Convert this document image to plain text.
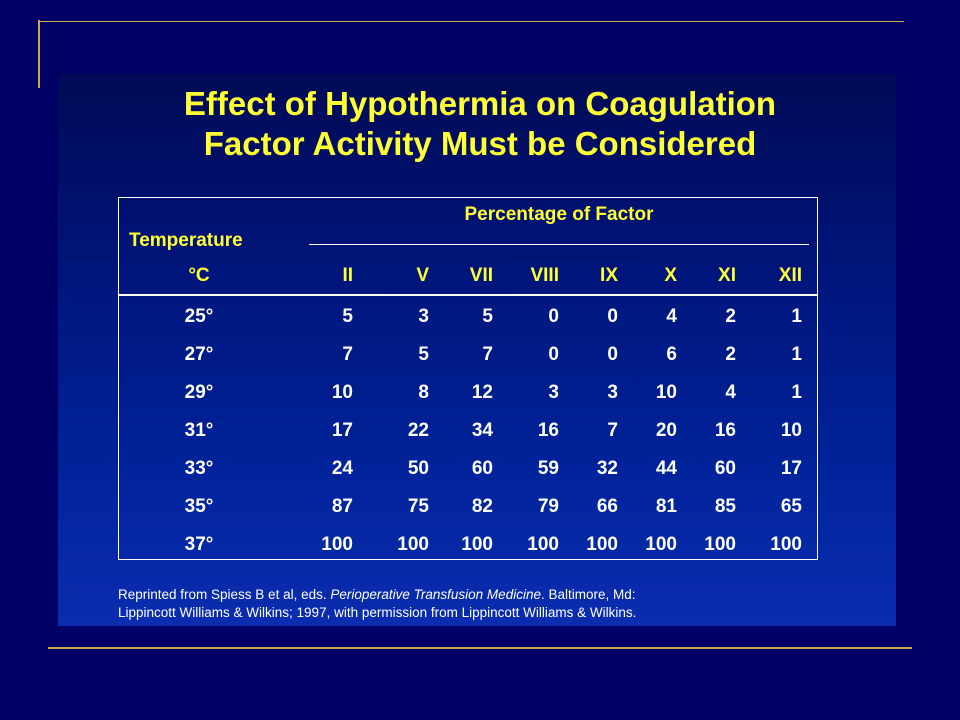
Effect of Hypothermia on Coagulation
Factor Activity Must be Considered
Percentage of Factor
Temperature
°C	II	V	VII	VIII	IX	X	XI	XII
25°	5	3	5	0	0	4	2	1
27°	7	5	7	0	0	6	2	1
29°	10	8	12	3	3	10	4	1
31°	17	22	34	16	7	20	16	10
33°	24	50	60	59	32	44	60	17
35°	87	75	82	79	66	81	85	65
37°	100	100	100	100	100	100	100	100
Reprinted from Spiess B et al, eds. Perioperative Transfusion Medicine. Baltimore, Md:
Lippincott Williams & Wilkins; 1997, with permission from Lippincott Williams & Wilkins.
